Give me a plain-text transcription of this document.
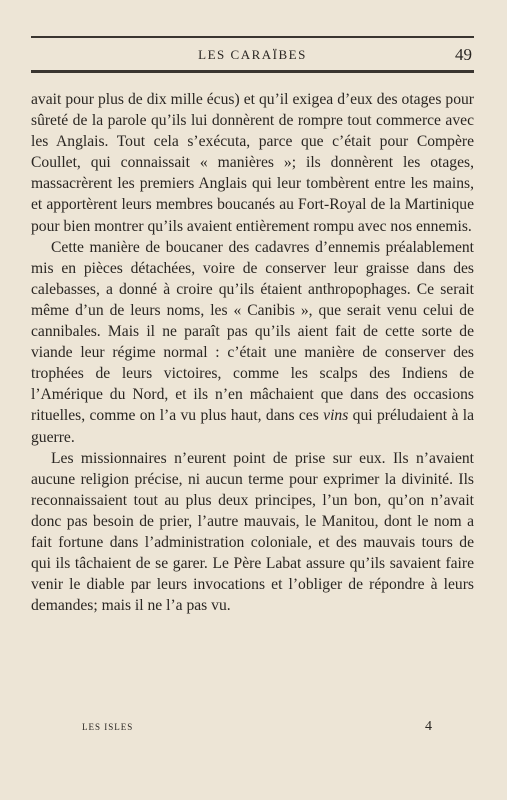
LES CARAÏBES	49

avait pour plus de dix mille écus) et qu’il exigea d’eux des otages pour sûreté de la parole qu’ils lui donnèrent de rompre tout commerce avec les Anglais. Tout cela s’exécuta, parce que c’était pour Compère Coullet, qui connaissait « manières »; ils donnèrent les otages, massacrèrent les premiers Anglais qui leur tombèrent entre les mains, et apportèrent leurs membres boucanés au Fort-Royal de la Martinique pour bien montrer qu’ils avaient entièrement rompu avec nos ennemis.

Cette manière de boucaner des cadavres d’ennemis préalablement mis en pièces détachées, voire de conserver leur graisse dans des calebasses, a donné à croire qu’ils étaient anthropophages. Ce serait même d’un de leurs noms, les « Canibis », que serait venu celui de cannibales. Mais il ne paraît pas qu’ils aient fait de cette sorte de viande leur régime normal : c’était une manière de conserver des trophées de leurs victoires, comme les scalps des Indiens de l’Amérique du Nord, et ils n’en mâchaient que dans des occasions rituelles, comme on l’a vu plus haut, dans ces vins qui préludaient à la guerre.

Les missionnaires n’eurent point de prise sur eux. Ils n’avaient aucune religion précise, ni aucun terme pour exprimer la divinité. Ils reconnaissaient tout au plus deux principes, l’un bon, qu’on n’avait donc pas besoin de prier, l’autre mauvais, le Manitou, dont le nom a fait fortune dans l’administration coloniale, et des mauvais tours de qui ils tâchaient de se garer. Le Père Labat assure qu’ils savaient faire venir le diable par leurs invocations et l’obliger de répondre à leurs demandes; mais il ne l’a pas vu.

LES ISLES	4
